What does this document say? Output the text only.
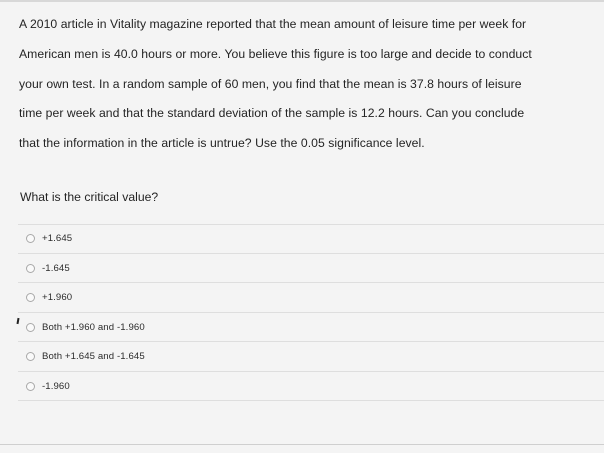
A 2010 article in Vitality magazine reported that the mean amount of leisure time per week for
American men is 40.0 hours or more. You believe this figure is too large and decide to conduct
your own test. In a random sample of 60 men, you find that the mean is 37.8 hours of leisure
time per week and that the standard deviation of the sample is 12.2 hours. Can you conclude
that the information in the article is untrue? Use the 0.05 significance level.

What is the critical value?

+1.645
-1.645
+1.960
Both +1.960 and -1.960
Both +1.645 and -1.645
-1.960
